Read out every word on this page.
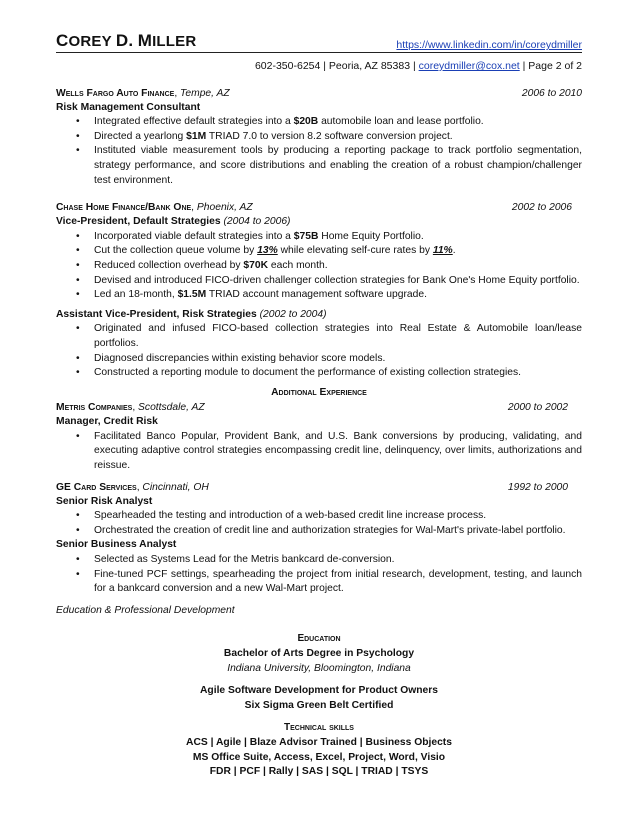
COREY D. MILLER	https://www.linkedin.com/in/coreydmiller
602-350-6254 | Peoria, AZ 85383 | coreydmiller@cox.net | Page 2 of 2
Wells Fargo Auto Finance, Tempe, AZ	2006 to 2010
Risk Management Consultant
• Integrated effective default strategies into a $20B automobile loan and lease portfolio.
• Directed a yearlong $1M TRIAD 7.0 to version 8.2 software conversion project.
• Instituted viable measurement tools by producing a reporting package to track portfolio segmentation, strategy performance, and score distributions and enabling the creation of a robust champion/challenger test environment.
Chase Home Finance/Bank One, Phoenix, AZ	2002 to 2006
Vice-President, Default Strategies (2004 to 2006)
• Incorporated viable default strategies into a $75B Home Equity Portfolio.
• Cut the collection queue volume by 13% while elevating self-cure rates by 11%.
• Reduced collection overhead by $70K each month.
• Devised and introduced FICO-driven challenger collection strategies for Bank One's Home Equity portfolio.
• Led an 18-month, $1.5M TRIAD account management software upgrade.
Assistant Vice-President, Risk Strategies (2002 to 2004)
• Originated and infused FICO-based collection strategies into Real Estate & Automobile loan/lease portfolios.
• Diagnosed discrepancies within existing behavior score models.
• Constructed a reporting module to document the performance of existing collection strategies.
Additional Experience
Metris Companies, Scottsdale, AZ	2000 to 2002
Manager, Credit Risk
• Facilitated Banco Popular, Provident Bank, and U.S. Bank conversions by producing, validating, and executing adaptive control strategies encompassing credit line, delinquency, over limits, authorizations and reissue.
GE Card Services, Cincinnati, OH	1992 to 2000
Senior Risk Analyst
• Spearheaded the testing and introduction of a web-based credit line increase process.
• Orchestrated the creation of credit line and authorization strategies for Wal-Mart's private-label portfolio.
Senior Business Analyst
• Selected as Systems Lead for the Metris bankcard de-conversion.
• Fine-tuned PCF settings, spearheading the project from initial research, development, testing, and launch for a bankcard conversion and a new Wal-Mart project.
Education & Professional Development
Education
Bachelor of Arts Degree in Psychology
Indiana University, Bloomington, Indiana
Agile Software Development for Product Owners
Six Sigma Green Belt Certified
Technical skills
ACS | Agile | Blaze Advisor Trained | Business Objects
MS Office Suite, Access, Excel, Project, Word, Visio
FDR | PCF | Rally | SAS | SQL | TRIAD | TSYS
